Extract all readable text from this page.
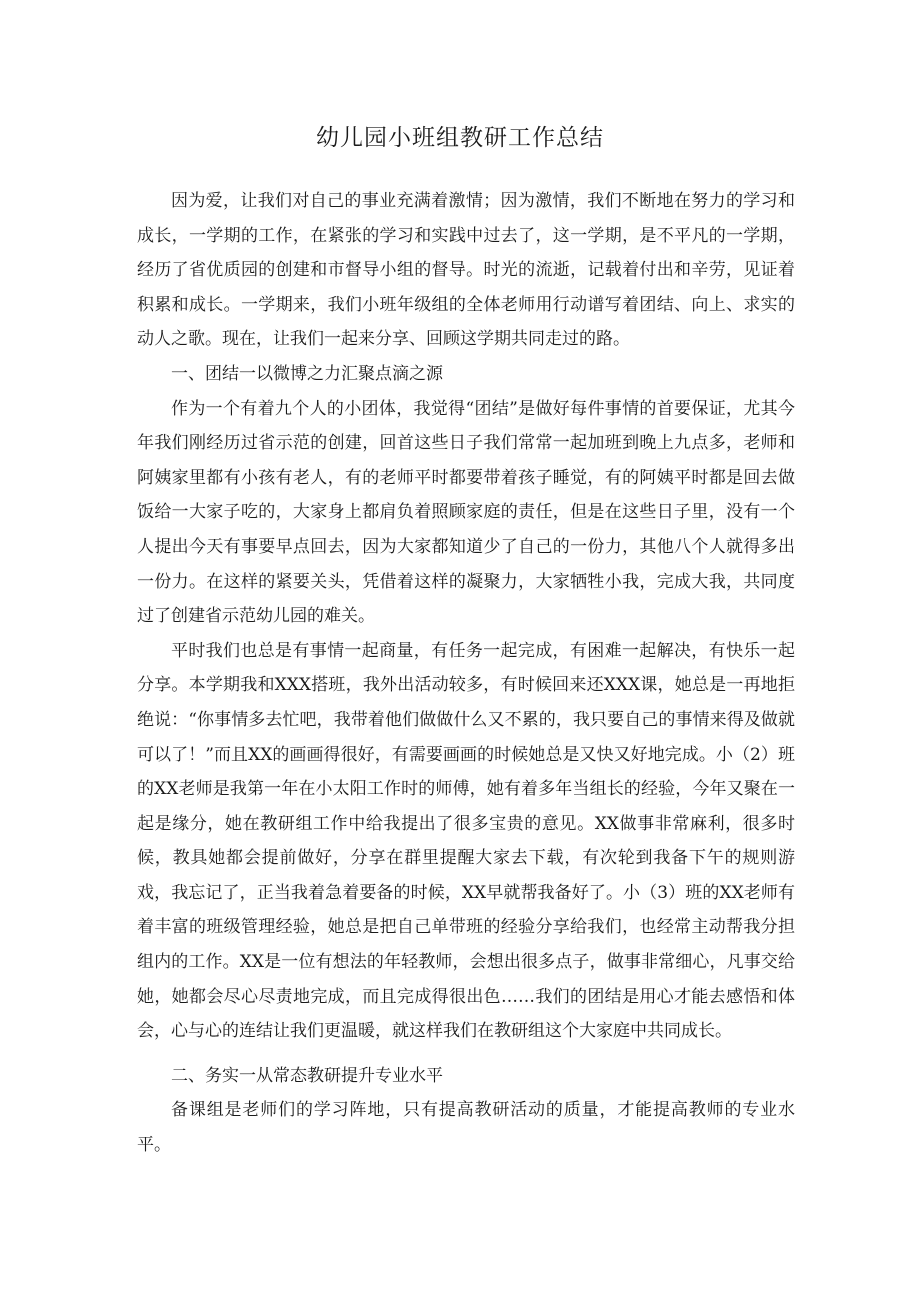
幼儿园小班组教研工作总结

因为爱，让我们对自己的事业充满着激情；因为激情，我们不断地在努力的学习和成长，一学期的工作，在紧张的学习和实践中过去了，这一学期，是不平凡的一学期，经历了省优质园的创建和市督导小组的督导。时光的流逝，记载着付出和辛劳，见证着积累和成长。一学期来，我们小班年级组的全体老师用行动谱写着团结、向上、求实的动人之歌。现在，让我们一起来分享、回顾这学期共同走过的路。

一、团结一以微博之力汇聚点滴之源

作为一个有着九个人的小团体，我觉得“团结”是做好每件事情的首要保证，尤其今年我们刚经历过省示范的创建，回首这些日子我们常常一起加班到晚上九点多，老师和阿姨家里都有小孩有老人，有的老师平时都要带着孩子睡觉，有的阿姨平时都是回去做饭给一大家子吃的，大家身上都肩负着照顾家庭的责任，但是在这些日子里，没有一个人提出今天有事要早点回去，因为大家都知道少了自己的一份力，其他八个人就得多出一份力。在这样的紧要关头，凭借着这样的凝聚力，大家牺牲小我，完成大我，共同度过了创建省示范幼儿园的难关。

平时我们也总是有事情一起商量，有任务一起完成，有困难一起解决，有快乐一起分享。本学期我和XXX搭班，我外出活动较多，有时候回来还XXX课，她总是一再地拒绝说：“你事情多去忙吧，我带着他们做做什么又不累的，我只要自己的事情来得及做就可以了！”而且XX的画画得很好，有需要画画的时候她总是又快又好地完成。小（2）班的XX老师是我第一年在小太阳工作时的师傅，她有着多年当组长的经验，今年又聚在一起是缘分，她在教研组工作中给我提出了很多宝贵的意见。XX做事非常麻利，很多时候，教具她都会提前做好，分享在群里提醒大家去下载，有次轮到我备下午的规则游戏，我忘记了，正当我着急着要备的时候，XX早就帮我备好了。小（3）班的XX老师有着丰富的班级管理经验，她总是把自己单带班的经验分享给我们，也经常主动帮我分担组内的工作。XX是一位有想法的年轻教师，会想出很多点子，做事非常细心，凡事交给她，她都会尽心尽责地完成，而且完成得很出色……我们的团结是用心才能去感悟和体会，心与心的连结让我们更温暖，就这样我们在教研组这个大家庭中共同成长。

二、务实一从常态教研提升专业水平

备课组是老师们的学习阵地，只有提高教研活动的质量，才能提高教师的专业水平。
